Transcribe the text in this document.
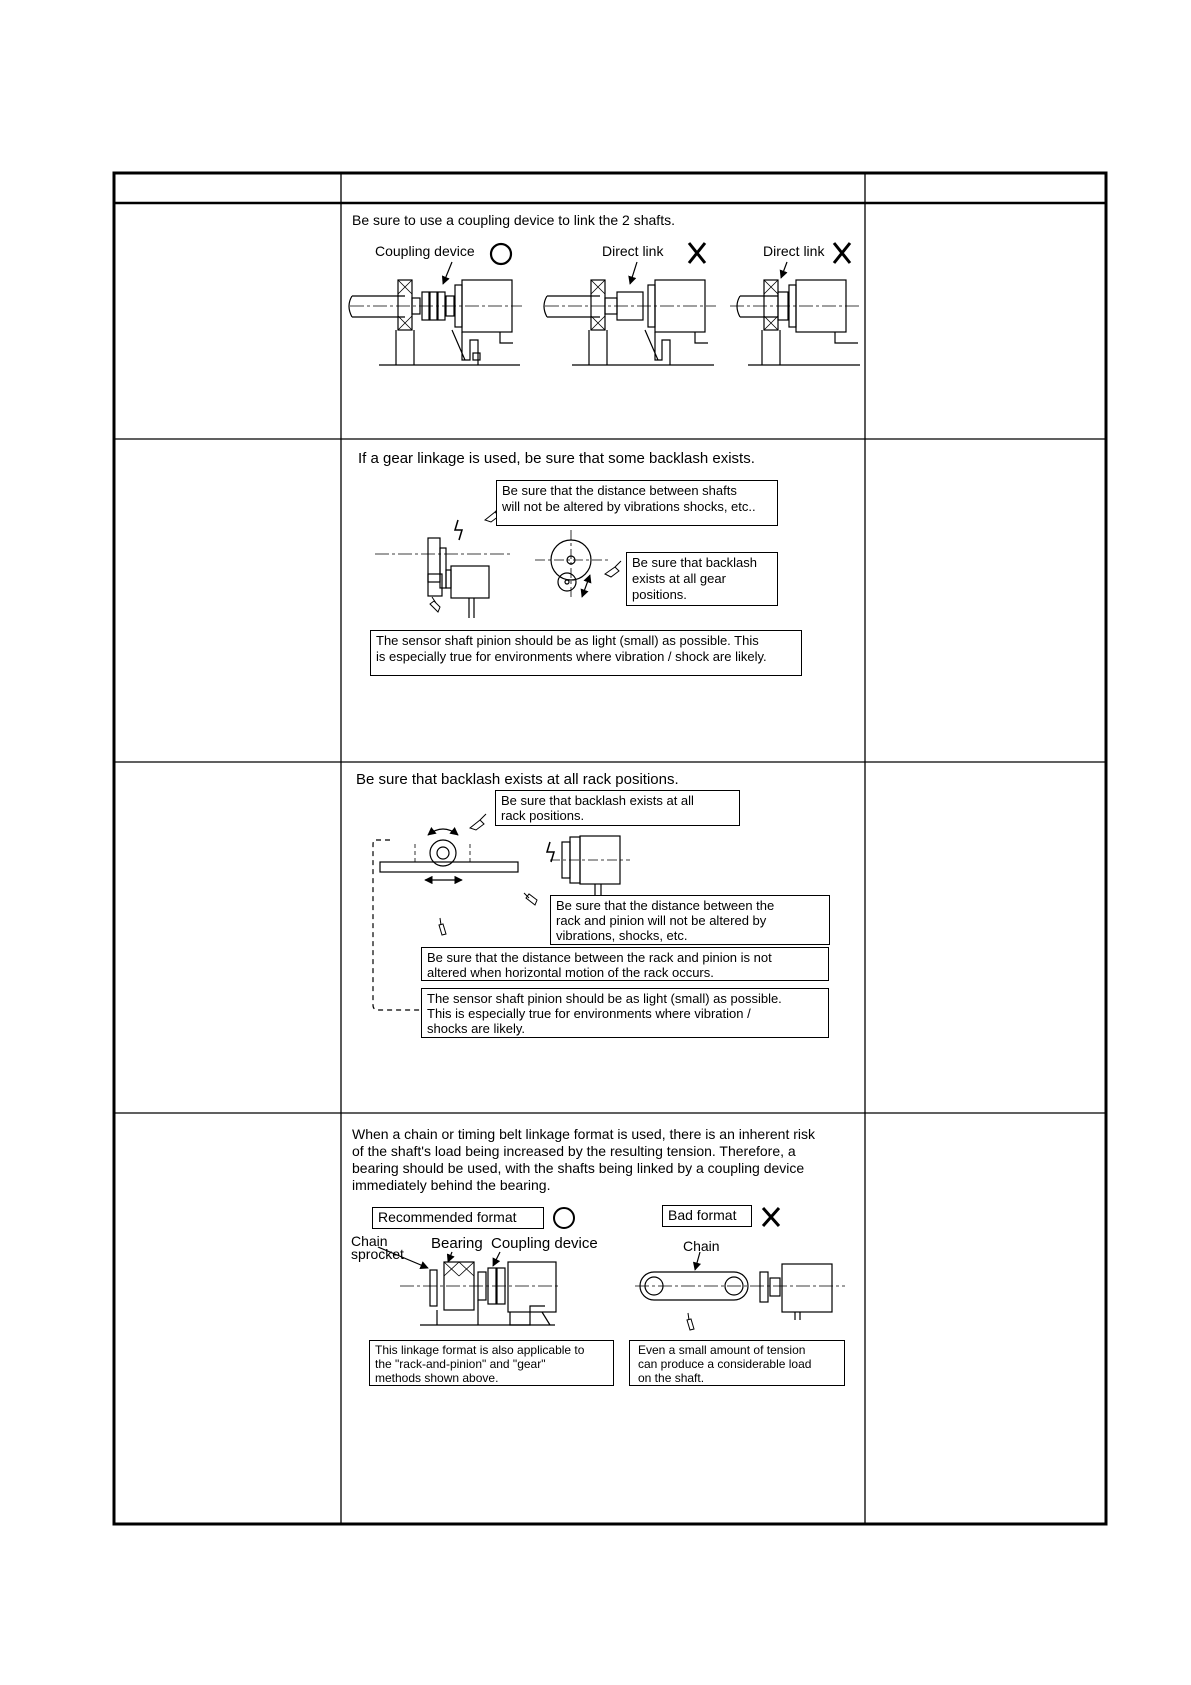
Be sure to use a coupling device to link the 2 shafts.
Coupling device	Direct link	Direct link
If a gear linkage is used, be sure that some backlash exists.
Be sure that the distance between shafts
will not be altered by vibrations shocks, etc..
Be sure that backlash
exists at all gear
positions.
The sensor shaft pinion should be as light (small) as possible. This
is especially true for environments where vibration / shock are likely.
Be sure that backlash exists at all rack positions.
Be sure that backlash exists at all
rack positions.
Be sure that the distance between the
rack and pinion will not be altered by
vibrations, shocks, etc.
Be sure that the distance between the rack and pinion is not
altered when horizontal motion of the rack occurs.
The sensor shaft pinion should be as light (small) as possible.
This is especially true for environments where vibration /
shocks are likely.
When a chain or timing belt linkage format is used, there is an inherent risk
of the shaft's load being increased by the resulting tension. Therefore, a
bearing should be used, with the shafts being linked by a coupling device
immediately behind the bearing.
Recommended format	Bad format
Chain
sprocket
Bearing Coupling device	Chain
This linkage format is also applicable to
the "rack-and-pinion" and "gear"
methods shown above.
Even a small amount of tension
can produce a considerable load
on the shaft.
